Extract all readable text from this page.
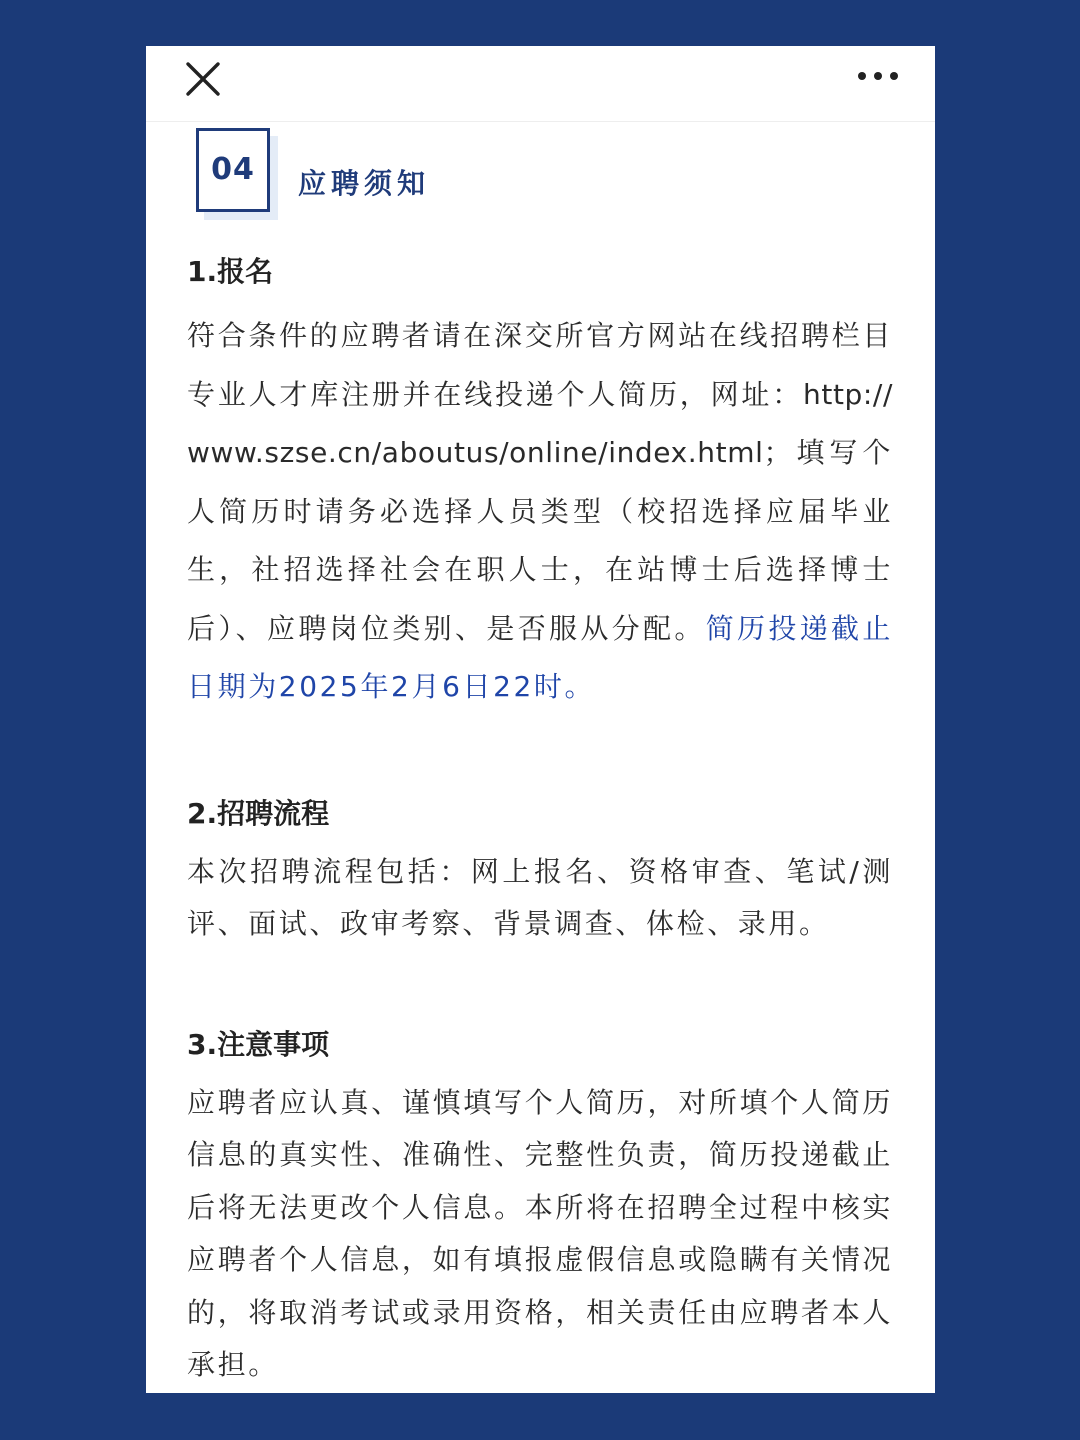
04	应聘须知
1.报名

符合条件的应聘者请在深交所官方网站在线招聘栏目专业人才库注册并在线投递个人简历，网址：http://www.szse.cn/aboutus/online/index.html；填写个人简历时请务必选择人员类型（校招选择应届毕业生，社招选择社会在职人士，在站博士后选择博士后）、应聘岗位类别、是否服从分配。简历投递截止日期为2025年2月6日22时。

2.招聘流程

本次招聘流程包括：网上报名、资格审查、笔试/测评、面试、政审考察、背景调查、体检、录用。

3.注意事项

应聘者应认真、谨慎填写个人简历，对所填个人简历信息的真实性、准确性、完整性负责，简历投递截止后将无法更改个人信息。本所将在招聘全过程中核实应聘者个人信息，如有填报虚假信息或隐瞒有关情况的，将取消考试或录用资格，相关责任由应聘者本人承担。
